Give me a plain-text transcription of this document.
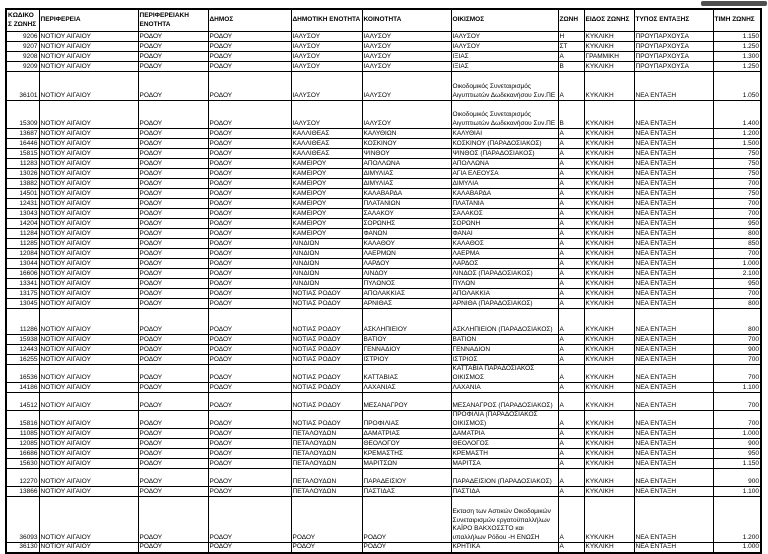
ΚΩΔΙΚΟΣ ΖΩΝΗΣ	ΠΕΡΙΦΕΡΕΙΑ	ΠΕΡΙΦΕΡΕΙΑΚΗ ΕΝΟΤΗΤΑ	ΔΗΜΟΣ	ΔΗΜΟΤΙΚΗ ΕΝΟΤΗΤΑ	ΚΟΙΝΟΤΗΤΑ	ΟΙΚΙΣΜΟΣ	ΖΩΝΗ	ΕΙΔΟΣ ΖΩΝΗΣ	ΤΥΠΟΣ ΕΝΤΑΞΗΣ	ΤΙΜΗ ΖΩΝΗΣ
9206	ΝΟΤΙΟΥ ΑΙΓΑΙΟΥ	ΡΟΔΟΥ	ΡΟΔΟΥ	ΙΑΛΥΣΟΥ	ΙΑΛΥΣΟΥ	ΙΑΛΥΣΟΥ	Η	ΚΥΚΛΙΚΗ	ΠΡΟΥΠΑΡΧΟΥΣΑ	1.150
9207	ΝΟΤΙΟΥ ΑΙΓΑΙΟΥ	ΡΟΔΟΥ	ΡΟΔΟΥ	ΙΑΛΥΣΟΥ	ΙΑΛΥΣΟΥ	ΙΑΛΥΣΟΥ	ΣΤ	ΚΥΚΛΙΚΗ	ΠΡΟΥΠΑΡΧΟΥΣΑ	1.250
9208	ΝΟΤΙΟΥ ΑΙΓΑΙΟΥ	ΡΟΔΟΥ	ΡΟΔΟΥ	ΙΑΛΥΣΟΥ	ΙΑΛΥΣΟΥ	ΙΞΙΑΣ	Α	ΓΡΑΜΜΙΚΗ	ΠΡΟΥΠΑΡΧΟΥΣΑ	1.300
9209	ΝΟΤΙΟΥ ΑΙΓΑΙΟΥ	ΡΟΔΟΥ	ΡΟΔΟΥ	ΙΑΛΥΣΟΥ	ΙΑΛΥΣΟΥ	ΙΞΙΑΣ	Β	ΚΥΚΛΙΚΗ	ΠΡΟΥΠΑΡΧΟΥΣΑ	1.250
36101	ΝΟΤΙΟΥ ΑΙΓΑΙΟΥ	ΡΟΔΟΥ	ΡΟΔΟΥ	ΙΑΛΥΣΟΥ	ΙΑΛΥΣΟΥ	Οικοδομικός Συνεταιρισμός Αιγυπτιωτών Δωδεκανήσου Συν.ΠΕ	Α	ΚΥΚΛΙΚΗ	ΝΕΑ ΕΝΤΑΞΗ	1.050
15309	ΝΟΤΙΟΥ ΑΙΓΑΙΟΥ	ΡΟΔΟΥ	ΡΟΔΟΥ	ΙΑΛΥΣΟΥ	ΙΑΛΥΣΟΥ	Οικοδομικός Συνεταιρισμός Αιγυπτιωτών Δωδεκανήσου Συν.ΠΕ	Β	ΚΥΚΛΙΚΗ	ΝΕΑ ΕΝΤΑΞΗ	1.400
13687	ΝΟΤΙΟΥ ΑΙΓΑΙΟΥ	ΡΟΔΟΥ	ΡΟΔΟΥ	ΚΑΛΛΙΘΕΑΣ	ΚΑΛΥΘΙΩΝ	ΚΑΛΥΘΙΑΙ	Α	ΚΥΚΛΙΚΗ	ΝΕΑ ΕΝΤΑΞΗ	1.200
16446	ΝΟΤΙΟΥ ΑΙΓΑΙΟΥ	ΡΟΔΟΥ	ΡΟΔΟΥ	ΚΑΛΛΙΘΕΑΣ	ΚΟΣΚΙΝΟΥ	ΚΟΣΚΙΝΟΥ (ΠΑΡΑΔΟΣΙΑΚΟΣ)	Α	ΚΥΚΛΙΚΗ	ΝΕΑ ΕΝΤΑΞΗ	1.500
15815	ΝΟΤΙΟΥ ΑΙΓΑΙΟΥ	ΡΟΔΟΥ	ΡΟΔΟΥ	ΚΑΛΛΙΘΕΑΣ	ΨΙΝΘΟΥ	ΨΙΝΘΟΣ (ΠΑΡΑΔΟΣΙΑΚΟΣ)	Α	ΚΥΚΛΙΚΗ	ΝΕΑ ΕΝΤΑΞΗ	750
11283	ΝΟΤΙΟΥ ΑΙΓΑΙΟΥ	ΡΟΔΟΥ	ΡΟΔΟΥ	ΚΑΜΕΙΡΟΥ	ΑΠΟΛΛΩΝΑ	ΑΠΟΛΛΩΝΑ	Α	ΚΥΚΛΙΚΗ	ΝΕΑ ΕΝΤΑΞΗ	750
13026	ΝΟΤΙΟΥ ΑΙΓΑΙΟΥ	ΡΟΔΟΥ	ΡΟΔΟΥ	ΚΑΜΕΙΡΟΥ	ΔΙΜΥΛΙΑΣ	ΑΓΙΑ ΕΛΕΟΥΣΑ	Α	ΚΥΚΛΙΚΗ	ΝΕΑ ΕΝΤΑΞΗ	750
13882	ΝΟΤΙΟΥ ΑΙΓΑΙΟΥ	ΡΟΔΟΥ	ΡΟΔΟΥ	ΚΑΜΕΙΡΟΥ	ΔΙΜΥΛΙΑΣ	ΔΙΜΥΛΙΑ	Α	ΚΥΚΛΙΚΗ	ΝΕΑ ΕΝΤΑΞΗ	700
14501	ΝΟΤΙΟΥ ΑΙΓΑΙΟΥ	ΡΟΔΟΥ	ΡΟΔΟΥ	ΚΑΜΕΙΡΟΥ	ΚΑΛΑΒΑΡΔΑ	ΚΑΛΑΒΑΡΔΑ	Α	ΚΥΚΛΙΚΗ	ΝΕΑ ΕΝΤΑΞΗ	750
12431	ΝΟΤΙΟΥ ΑΙΓΑΙΟΥ	ΡΟΔΟΥ	ΡΟΔΟΥ	ΚΑΜΕΙΡΟΥ	ΠΛΑΤΑΝΙΩΝ	ΠΛΑΤΑΝΙΑ	Α	ΚΥΚΛΙΚΗ	ΝΕΑ ΕΝΤΑΞΗ	700
13043	ΝΟΤΙΟΥ ΑΙΓΑΙΟΥ	ΡΟΔΟΥ	ΡΟΔΟΥ	ΚΑΜΕΙΡΟΥ	ΣΑΛΑΚΟΥ	ΣΑΛΑΚΟΣ	Α	ΚΥΚΛΙΚΗ	ΝΕΑ ΕΝΤΑΞΗ	700
14204	ΝΟΤΙΟΥ ΑΙΓΑΙΟΥ	ΡΟΔΟΥ	ΡΟΔΟΥ	ΚΑΜΕΙΡΟΥ	ΣΟΡΩΝΗΣ	ΣΟΡΩΝΗ	Α	ΚΥΚΛΙΚΗ	ΝΕΑ ΕΝΤΑΞΗ	950
11284	ΝΟΤΙΟΥ ΑΙΓΑΙΟΥ	ΡΟΔΟΥ	ΡΟΔΟΥ	ΚΑΜΕΙΡΟΥ	ΦΑΝΩΝ	ΦΑΝΑΙ	Α	ΚΥΚΛΙΚΗ	ΝΕΑ ΕΝΤΑΞΗ	800
11285	ΝΟΤΙΟΥ ΑΙΓΑΙΟΥ	ΡΟΔΟΥ	ΡΟΔΟΥ	ΛΙΝΔΙΩΝ	ΚΑΛΑΘΟΥ	ΚΑΛΑΘΟΣ	Α	ΚΥΚΛΙΚΗ	ΝΕΑ ΕΝΤΑΞΗ	850
12084	ΝΟΤΙΟΥ ΑΙΓΑΙΟΥ	ΡΟΔΟΥ	ΡΟΔΟΥ	ΛΙΝΔΙΩΝ	ΛΑΕΡΜΩΝ	ΛΑΕΡΜΑ	Α	ΚΥΚΛΙΚΗ	ΝΕΑ ΕΝΤΑΞΗ	700
13044	ΝΟΤΙΟΥ ΑΙΓΑΙΟΥ	ΡΟΔΟΥ	ΡΟΔΟΥ	ΛΙΝΔΙΩΝ	ΛΑΡΔΟΥ	ΛΑΡΔΟΣ	Α	ΚΥΚΛΙΚΗ	ΝΕΑ ΕΝΤΑΞΗ	1.000
16606	ΝΟΤΙΟΥ ΑΙΓΑΙΟΥ	ΡΟΔΟΥ	ΡΟΔΟΥ	ΛΙΝΔΙΩΝ	ΛΙΝΔΟΥ	ΛΙΝΔΟΣ (ΠΑΡΑΔΟΣΙΑΚΟΣ)	Α	ΚΥΚΛΙΚΗ	ΝΕΑ ΕΝΤΑΞΗ	2.100
13341	ΝΟΤΙΟΥ ΑΙΓΑΙΟΥ	ΡΟΔΟΥ	ΡΟΔΟΥ	ΛΙΝΔΙΩΝ	ΠΥΛΩΝΟΣ	ΠΥΛΩΝ	Α	ΚΥΚΛΙΚΗ	ΝΕΑ ΕΝΤΑΞΗ	950
13175	ΝΟΤΙΟΥ ΑΙΓΑΙΟΥ	ΡΟΔΟΥ	ΡΟΔΟΥ	ΝΟΤΙΑΣ ΡΟΔΟΥ	ΑΠΟΛΑΚΚΙΑΣ	ΑΠΟΛΑΚΚΙΑ	Α	ΚΥΚΛΙΚΗ	ΝΕΑ ΕΝΤΑΞΗ	700
13045	ΝΟΤΙΟΥ ΑΙΓΑΙΟΥ	ΡΟΔΟΥ	ΡΟΔΟΥ	ΝΟΤΙΑΣ ΡΟΔΟΥ	ΑΡΝΙΘΑΣ	ΑΡΝΙΘΑ (ΠΑΡΑΔΟΣΙΑΚΟΣ)	Α	ΚΥΚΛΙΚΗ	ΝΕΑ ΕΝΤΑΞΗ	800
11286	ΝΟΤΙΟΥ ΑΙΓΑΙΟΥ	ΡΟΔΟΥ	ΡΟΔΟΥ	ΝΟΤΙΑΣ ΡΟΔΟΥ	ΑΣΚΛΗΠΙΕΙΟΥ	ΑΣΚΛΗΠΙΕΙΟΝ (ΠΑΡΑΔΟΣΙΑΚΟΣ)	Α	ΚΥΚΛΙΚΗ	ΝΕΑ ΕΝΤΑΞΗ	800
15938	ΝΟΤΙΟΥ ΑΙΓΑΙΟΥ	ΡΟΔΟΥ	ΡΟΔΟΥ	ΝΟΤΙΑΣ ΡΟΔΟΥ	ΒΑΤΙΟΥ	ΒΑΤΙΟΝ	Α	ΚΥΚΛΙΚΗ	ΝΕΑ ΕΝΤΑΞΗ	700
12443	ΝΟΤΙΟΥ ΑΙΓΑΙΟΥ	ΡΟΔΟΥ	ΡΟΔΟΥ	ΝΟΤΙΑΣ ΡΟΔΟΥ	ΓΕΝΝΑΔΙΟΥ	ΓΕΝΝΑΔΙΟΝ	Α	ΚΥΚΛΙΚΗ	ΝΕΑ ΕΝΤΑΞΗ	900
16255	ΝΟΤΙΟΥ ΑΙΓΑΙΟΥ	ΡΟΔΟΥ	ΡΟΔΟΥ	ΝΟΤΙΑΣ ΡΟΔΟΥ	ΙΣΤΡΙΟΥ	ΙΣΤΡΙΟΣ	Α	ΚΥΚΛΙΚΗ	ΝΕΑ ΕΝΤΑΞΗ	700
16536	ΝΟΤΙΟΥ ΑΙΓΑΙΟΥ	ΡΟΔΟΥ	ΡΟΔΟΥ	ΝΟΤΙΑΣ ΡΟΔΟΥ	ΚΑΤΤΑΒΙΑΣ	ΚΑΤΤΑΒΙΑ ΠΑΡΑΔΟΣΙΑΚΟΣ ΟΙΚΙΣΜΟΣ	Α	ΚΥΚΛΙΚΗ	ΝΕΑ ΕΝΤΑΞΗ	700
14186	ΝΟΤΙΟΥ ΑΙΓΑΙΟΥ	ΡΟΔΟΥ	ΡΟΔΟΥ	ΝΟΤΙΑΣ ΡΟΔΟΥ	ΛΑΧΑΝΙΑΣ	ΛΑΧΑΝΙΑ	Α	ΚΥΚΛΙΚΗ	ΝΕΑ ΕΝΤΑΞΗ	1.100
14512	ΝΟΤΙΟΥ ΑΙΓΑΙΟΥ	ΡΟΔΟΥ	ΡΟΔΟΥ	ΝΟΤΙΑΣ ΡΟΔΟΥ	ΜΕΣΑΝΑΓΡΟΥ	ΜΕΣΑΝΑΓΡΟΣ (ΠΑΡΑΔΟΣΙΑΚΟΣ)	Α	ΚΥΚΛΙΚΗ	ΝΕΑ ΕΝΤΑΞΗ	700
15816	ΝΟΤΙΟΥ ΑΙΓΑΙΟΥ	ΡΟΔΟΥ	ΡΟΔΟΥ	ΝΟΤΙΑΣ ΡΟΔΟΥ	ΠΡΟΦΙΛΙΑΣ	ΠΡΟΦΙΛΙΑ (ΠΑΡΑΔΟΣΙΑΚΟΣ ΟΙΚΙΣΜΟΣ)	Α	ΚΥΚΛΙΚΗ	ΝΕΑ ΕΝΤΑΞΗ	700
11085	ΝΟΤΙΟΥ ΑΙΓΑΙΟΥ	ΡΟΔΟΥ	ΡΟΔΟΥ	ΠΕΤΑΛΟΥΔΩΝ	ΔΑΜΑΤΡΙΑΣ	ΔΑΜΑΤΡΙΑ	Α	ΚΥΚΛΙΚΗ	ΝΕΑ ΕΝΤΑΞΗ	1.000
12085	ΝΟΤΙΟΥ ΑΙΓΑΙΟΥ	ΡΟΔΟΥ	ΡΟΔΟΥ	ΠΕΤΑΛΟΥΔΩΝ	ΘΕΟΛΟΓΟΥ	ΘΕΟΛΟΓΟΣ	Α	ΚΥΚΛΙΚΗ	ΝΕΑ ΕΝΤΑΞΗ	900
16686	ΝΟΤΙΟΥ ΑΙΓΑΙΟΥ	ΡΟΔΟΥ	ΡΟΔΟΥ	ΠΕΤΑΛΟΥΔΩΝ	ΚΡΕΜΑΣΤΗΣ	ΚΡΕΜΑΣΤΗ	Α	ΚΥΚΛΙΚΗ	ΝΕΑ ΕΝΤΑΞΗ	950
15630	ΝΟΤΙΟΥ ΑΙΓΑΙΟΥ	ΡΟΔΟΥ	ΡΟΔΟΥ	ΠΕΤΑΛΟΥΔΩΝ	ΜΑΡΙΤΣΩΝ	ΜΑΡΙΤΣΑ	Α	ΚΥΚΛΙΚΗ	ΝΕΑ ΕΝΤΑΞΗ	1.150
12270	ΝΟΤΙΟΥ ΑΙΓΑΙΟΥ	ΡΟΔΟΥ	ΡΟΔΟΥ	ΠΕΤΑΛΟΥΔΩΝ	ΠΑΡΑΔΕΙΣΙΟΥ	ΠΑΡΑΔΕΙΣΙΟΝ (ΠΑΡΑΔΟΣΙΑΚΟΣ)	Α	ΚΥΚΛΙΚΗ	ΝΕΑ ΕΝΤΑΞΗ	900
13866	ΝΟΤΙΟΥ ΑΙΓΑΙΟΥ	ΡΟΔΟΥ	ΡΟΔΟΥ	ΠΕΤΑΛΟΥΔΩΝ	ΠΑΣΤΙΔΑΣ	ΠΑΣΤΙΔΑ	Α	ΚΥΚΛΙΚΗ	ΝΕΑ ΕΝΤΑΞΗ	1.100
36093	ΝΟΤΙΟΥ ΑΙΓΑΙΟΥ	ΡΟΔΟΥ	ΡΟΔΟΥ	ΡΟΔΟΥ	ΡΟΔΟΥ	Εκταση των Αστικών Οικοδομικών Συνεταιρισμών εργατοϋπαλλήλων ΚΑΪΡΟ ΒΑΚΧΟΣΣΤΟ και υπαλλήλων Ρόδου -Η ΕΝΩΣΗ	Α	ΚΥΚΛΙΚΗ	ΝΕΑ ΕΝΤΑΞΗ	1.200
36130	ΝΟΤΙΟΥ ΑΙΓΑΙΟΥ	ΡΟΔΟΥ	ΡΟΔΟΥ	ΡΟΔΟΥ	ΡΟΔΟΥ	ΚΡΗΤΙΚΑ	Α	ΚΥΚΛΙΚΗ	ΝΕΑ ΕΝΤΑΞΗ	1.000
